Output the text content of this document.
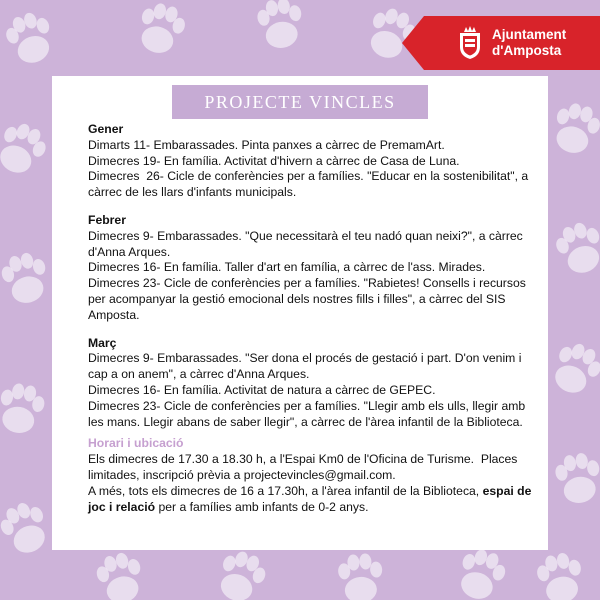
Ajuntament
d'Amposta
PROJECTE VINCLES
Gener
Dimarts 11- Embarassades. Pinta panxes a càrrec de PremamArt.
Dimecres 19- En família. Activitat d'hivern a càrrec de Casa de Luna.
Dimecres  26- Cicle de conferències per a famílies. "Educar en la sostenibilitat", a càrrec de les llars d'infants municipals.
Febrer
Dimecres 9- Embarassades. "Que necessitarà el teu nadó quan neixi?", a càrrec d'Anna Arques.
Dimecres 16- En família. Taller d'art en família, a càrrec de l'ass. Mirades.
Dimecres 23- Cicle de conferències per a famílies. "Rabietes! Consells i recursos per acompanyar la gestió emocional dels nostres fills i filles", a càrrec del SIS Amposta.
Març
Dimecres 9- Embarassades. "Ser dona el procés de gestació i part. D'on venim i cap a on anem", a càrrec d'Anna Arques.
Dimecres 16- En família. Activitat de natura a càrrec de GEPEC.
Dimecres 23- Cicle de conferències per a famílies. "Llegir amb els ulls, llegir amb les mans. Llegir abans de saber llegir", a càrrec de l'àrea infantil de la Biblioteca.
Horari i ubicació
Els dimecres de 17.30 a 18.30 h, a l'Espai Km0 de l'Oficina de Turisme.  Places limitades, inscripció prèvia a projectevincles@gmail.com.
A més, tots els dimecres de 16 a 17.30h, a l'àrea infantil de la Biblioteca, espai de joc i relació per a famílies amb infants de 0-2 anys.
